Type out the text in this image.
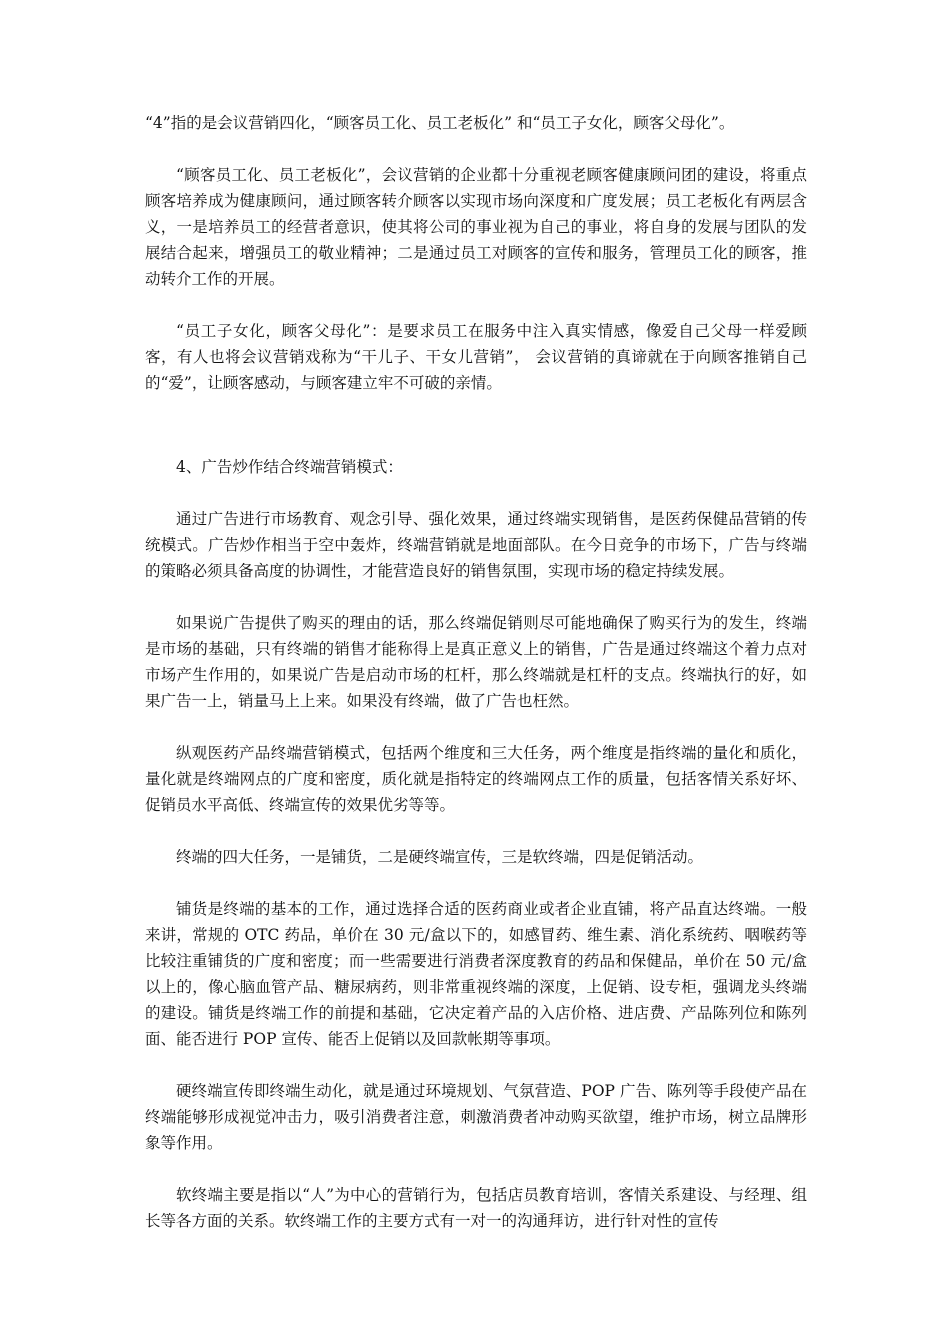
“4”指的是会议营销四化，“顾客员工化、员工老板化” 和“员工子女化，顾客父母化”。

“顾客员工化、员工老板化”，会议营销的企业都十分重视老顾客健康顾问团的建设，将重点顾客培养成为健康顾问，通过顾客转介顾客以实现市场向深度和广度发展；员工老板化有两层含义，一是培养员工的经营者意识，使其将公司的事业视为自己的事业，将自身的发展与团队的发展结合起来，增强员工的敬业精神；二是通过员工对顾客的宣传和服务，管理员工化的顾客，推动转介工作的开展。

“员工子女化，顾客父母化”：是要求员工在服务中注入真实情感，像爱自己父母一样爱顾客，有人也将会议营销戏称为“干儿子、干女儿营销”， 会议营销的真谛就在于向顾客推销自己的“爱”，让顾客感动，与顾客建立牢不可破的亲情。

4、广告炒作结合终端营销模式：

通过广告进行市场教育、观念引导、强化效果，通过终端实现销售，是医药保健品营销的传统模式。广告炒作相当于空中轰炸，终端营销就是地面部队。在今日竞争的市场下，广告与终端的策略必须具备高度的协调性，才能营造良好的销售氛围，实现市场的稳定持续发展。

如果说广告提供了购买的理由的话，那么终端促销则尽可能地确保了购买行为的发生，终端是市场的基础，只有终端的销售才能称得上是真正意义上的销售，广告是通过终端这个着力点对市场产生作用的，如果说广告是启动市场的杠杆，那么终端就是杠杆的支点。终端执行的好，如果广告一上，销量马上上来。如果没有终端，做了广告也枉然。

纵观医药产品终端营销模式，包括两个维度和三大任务，两个维度是指终端的量化和质化，量化就是终端网点的广度和密度，质化就是指特定的终端网点工作的质量，包括客情关系好坏、促销员水平高低、终端宣传的效果优劣等等。

终端的四大任务，一是铺货，二是硬终端宣传，三是软终端，四是促销活动。

铺货是终端的基本的工作，通过选择合适的医药商业或者企业直铺，将产品直达终端。一般来讲，常规的 OTC 药品，单价在 30 元/盒以下的，如感冒药、维生素、消化系统药、咽喉药等比较注重铺货的广度和密度；而一些需要进行消费者深度教育的药品和保健品，单价在 50 元/盒以上的，像心脑血管产品、糖尿病药，则非常重视终端的深度，上促销、设专柜，强调龙头终端的建设。铺货是终端工作的前提和基础，它决定着产品的入店价格、进店费、产品陈列位和陈列面、能否进行 POP 宣传、能否上促销以及回款帐期等事项。

硬终端宣传即终端生动化，就是通过环境规划、气氛营造、POP 广告、陈列等手段使产品在终端能够形成视觉冲击力，吸引消费者注意，刺激消费者冲动购买欲望，维护市场，树立品牌形象等作用。

软终端主要是指以“人”为中心的营销行为，包括店员教育培训，客情关系建设、与经理、组长等各方面的关系。软终端工作的主要方式有一对一的沟通拜访，进行针对性的宣传
